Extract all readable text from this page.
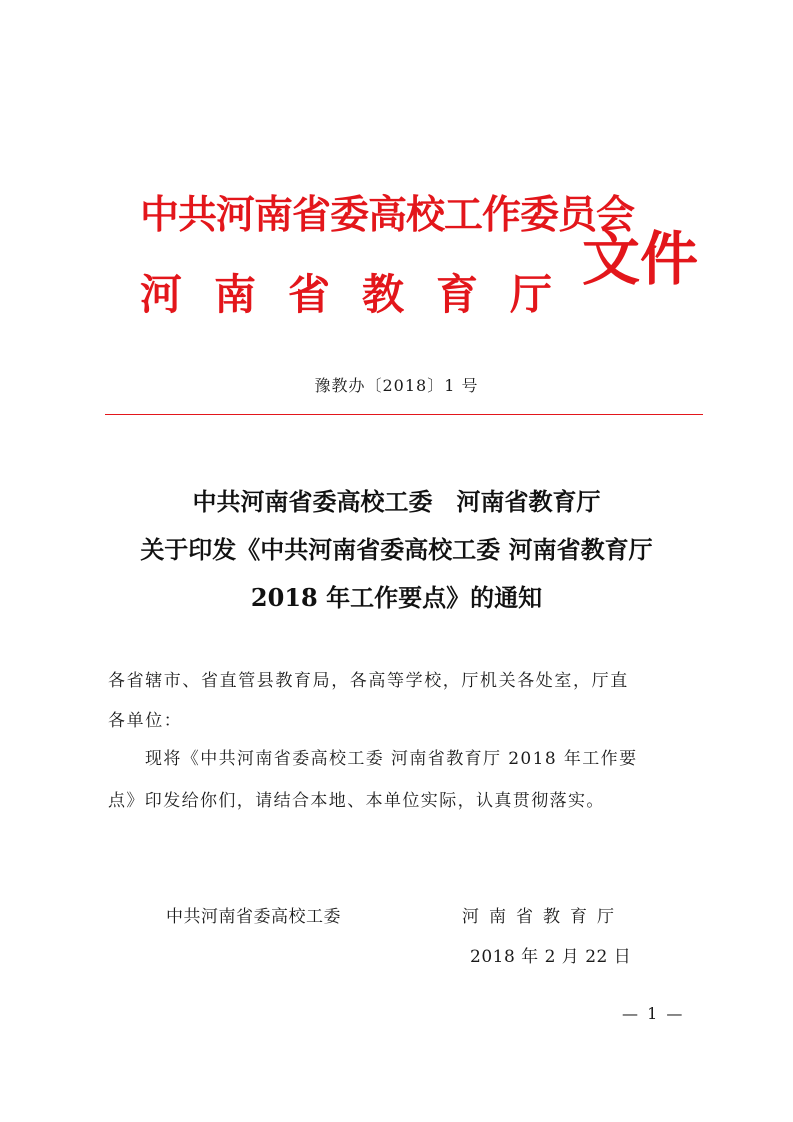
中共河南省委高校工作委员会
河南省教育厅
文件
豫教办〔2018〕1 号
中共河南省委高校工委　河南省教育厅
关于印发《中共河南省委高校工委 河南省教育厅
2018 年工作要点》的通知
各省辖市、省直管县教育局，各高等学校，厅机关各处室，厅直
各单位：
现将《中共河南省委高校工委 河南省教育厅 2018 年工作要
点》印发给你们，请结合本地、本单位实际，认真贯彻落实。
中共河南省委高校工委	河南省教育厅
2018 年 2 月 22 日
— 1 —
